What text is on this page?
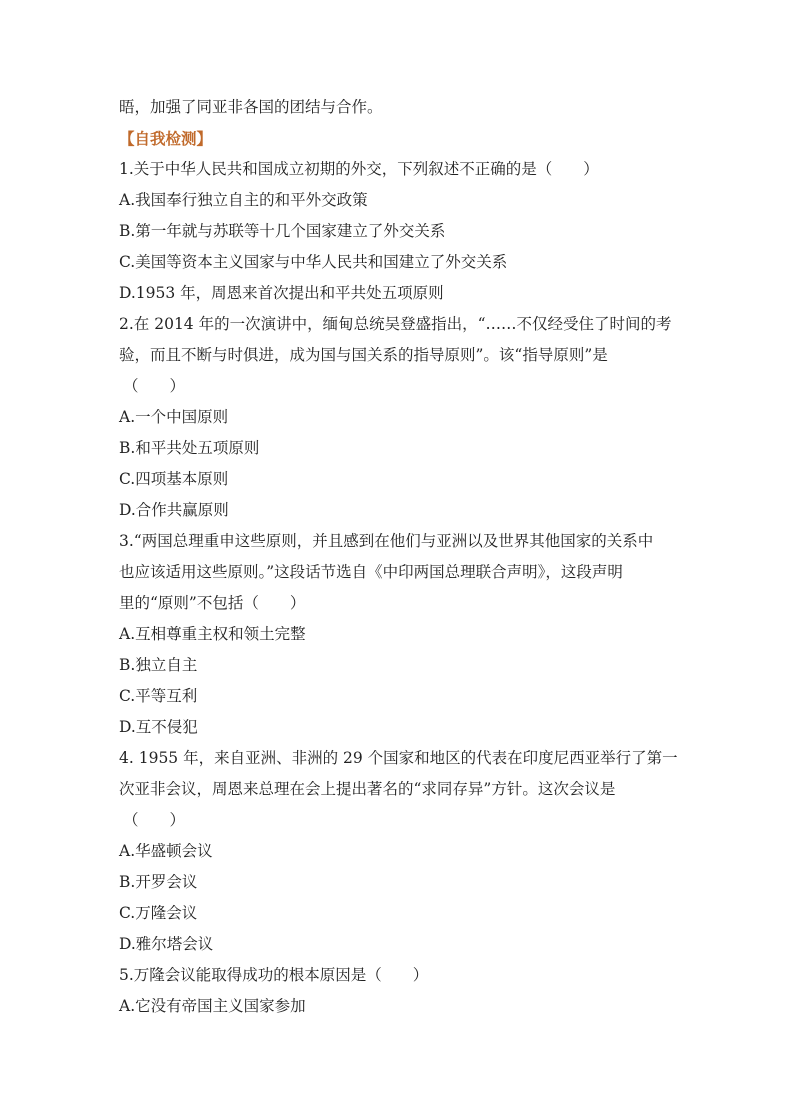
晤，加强了同亚非各国的团结与合作。
【自我检测】
1.关于中华人民共和国成立初期的外交，下列叙述不正确的是（　　）
A.我国奉行独立自主的和平外交政策
B.第一年就与苏联等十几个国家建立了外交关系
C.美国等资本主义国家与中华人民共和国建立了外交关系
D.1953 年，周恩来首次提出和平共处五项原则
2.在 2014 年的一次演讲中，缅甸总统吴登盛指出，“……不仅经受住了时间的考
验，而且不断与时俱进，成为国与国关系的指导原则”。该“指导原则”是
（　　）
A.一个中国原则
B.和平共处五项原则
C.四项基本原则
D.合作共赢原则
3.“两国总理重申这些原则，并且感到在他们与亚洲以及世界其他国家的关系中
也应该适用这些原则。”这段话节选自《中印两国总理联合声明》，这段声明
里的“原则”不包括（　　）
A.互相尊重主权和领土完整
B.独立自主
C.平等互利
D.互不侵犯
4. 1955 年，来自亚洲、非洲的 29 个国家和地区的代表在印度尼西亚举行了第一
次亚非会议，周恩来总理在会上提出著名的“求同存异”方针。这次会议是
（　　）
A.华盛顿会议
B.开罗会议
C.万隆会议
D.雅尔塔会议
5.万隆会议能取得成功的根本原因是（　　）
A.它没有帝国主义国家参加
